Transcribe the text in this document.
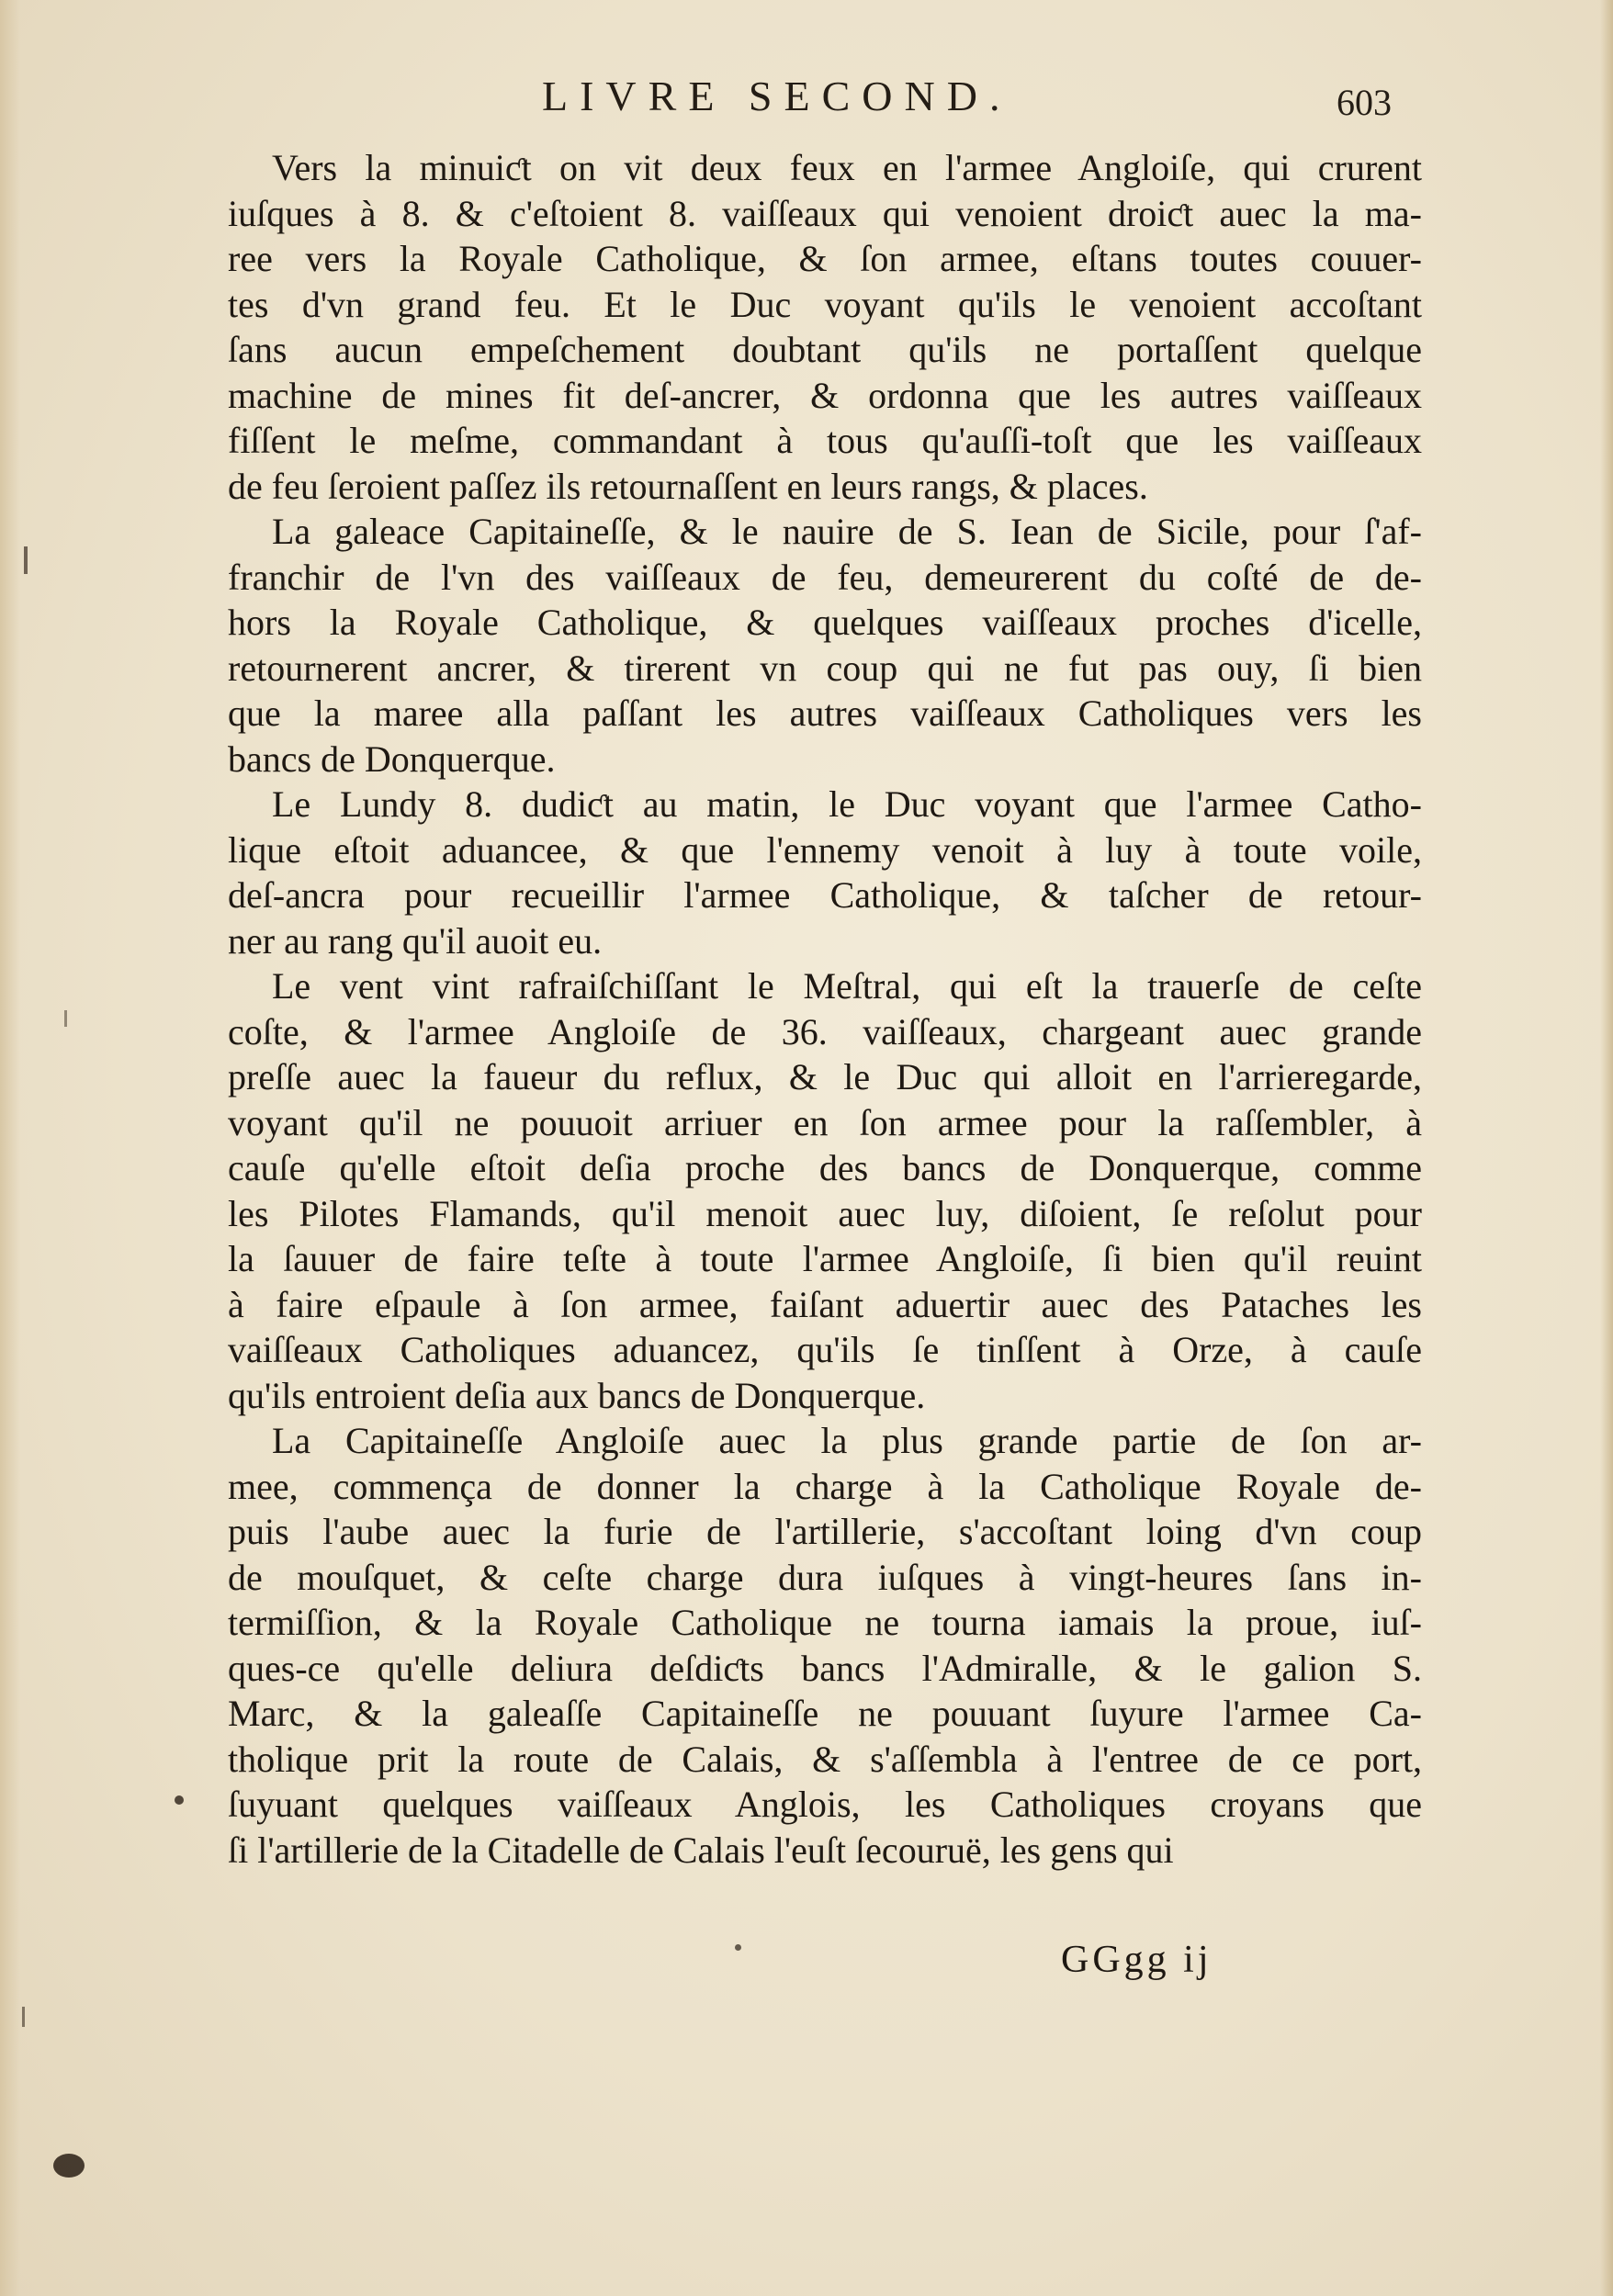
LIVRE SECOND.	603
Vers la minuiƈt on vit deux feux en l'armee Angloiſe, qui crurent
iuſques à 8. & c'eſtoient 8. vaiſſeaux qui venoient droiƈt auec la ma-
ree vers la Royale Catholique, & ſon armee, eſtans toutes couuer-
tes d'vn grand feu. Et le Duc voyant qu'ils le venoient accoſtant
ſans aucun empeſchement doubtant qu'ils ne portaſſent quelque
machine de mines fit deſ-ancrer, & ordonna que les autres vaiſſeaux
fiſſent le meſme, commandant à tous qu'auſſi-toſt que les vaiſſeaux
de feu ſeroient paſſez ils retournaſſent en leurs rangs, & places.
La galeace Capitaineſſe, & le nauire de S. Iean de Sicile, pour ſ'af-
franchir de l'vn des vaiſſeaux de feu, demeurerent du coſté de de-
hors la Royale Catholique, & quelques vaiſſeaux proches d'icelle,
retournerent ancrer, & tirerent vn coup qui ne fut pas ouy, ſi bien
que la maree alla paſſant les autres vaiſſeaux Catholiques vers les
bancs de Donquerque.
Le Lundy 8. dudiƈt au matin, le Duc voyant que l'armee Catho-
lique eſtoit aduancee, & que l'ennemy venoit à luy à toute voile,
deſ-ancra pour recueillir l'armee Catholique, & taſcher de retour-
ner au rang qu'il auoit eu.
Le vent vint rafraiſchiſſant le Meſtral, qui eſt la trauerſe de ceſte
coſte, & l'armee Angloiſe de 36. vaiſſeaux, chargeant auec grande
preſſe auec la faueur du reflux, & le Duc qui alloit en l'arrieregarde,
voyant qu'il ne pouuoit arriuer en ſon armee pour la raſſembler, à
cauſe qu'elle eſtoit deſia proche des bancs de Donquerque, comme
les Pilotes Flamands, qu'il menoit auec luy, diſoient, ſe reſolut pour
la ſauuer de faire teſte à toute l'armee Angloiſe, ſi bien qu'il reuint
à faire eſpaule à ſon armee, faiſant aduertir auec des Pataches les
vaiſſeaux Catholiques aduancez, qu'ils ſe tinſſent à Orze, à cauſe
qu'ils entroient deſia aux bancs de Donquerque.
La Capitaineſſe Angloiſe auec la plus grande partie de ſon ar-
mee, commença de donner la charge à la Catholique Royale de-
puis l'aube auec la furie de l'artillerie, s'accoſtant loing d'vn coup
de mouſquet, & ceſte charge dura iuſques à vingt-heures ſans in-
termiſſion, & la Royale Catholique ne tourna iamais la proue, iuſ-
ques-ce qu'elle deliura deſdiƈts bancs l'Admiralle, & le galion S.
Marc, & la galeaſſe Capitaineſſe ne pouuant ſuyure l'armee Ca-
tholique prit la route de Calais, & s'aſſembla à l'entree de ce port,
ſuyuant quelques vaiſſeaux Anglois, les Catholiques croyans que
ſi l'artillerie de la Citadelle de Calais l'euſt ſecouruë, les gens qui
GGgg ij
